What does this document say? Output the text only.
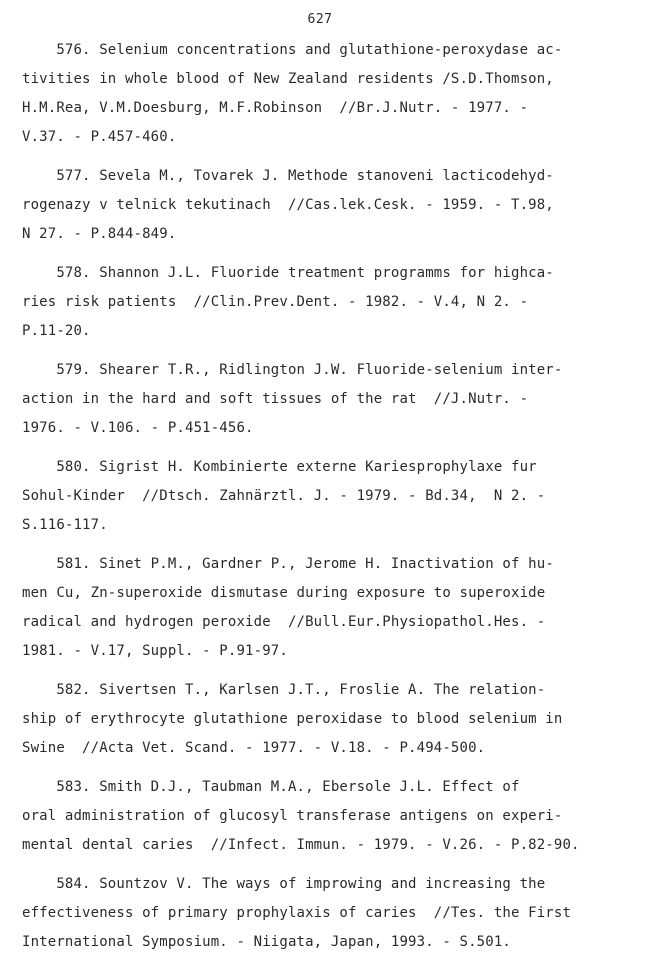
627
576. Selenium concentrations and glutathione-peroxydase ac-
tivities in whole blood of New Zealand residents /S.D.Thomson,
H.M.Rea, V.M.Doesburg, M.F.Robinson  //Br.J.Nutr. - 1977. -
V.37. - P.457-460.
577. Sevela M., Tovarek J. Methode stanoveni lacticodehyd-
rogenazy v telnick tekutinach  //Cas.lek.Cesk. - 1959. - T.98,
N 27. - P.844-849.
578. Shannon J.L. Fluoride treatment programms for highca-
ries risk patients  //Clin.Prev.Dent. - 1982. - V.4, N 2. -
P.11-20.
579. Shearer T.R., Ridlington J.W. Fluoride-selenium inter-
action in the hard and soft tissues of the rat  //J.Nutr. -
1976. - V.106. - P.451-456.
580. Sigrist H. Kombinierte externe Kariesprophylaxe fur
Sohul-Kinder  //Dtsch. Zahnärztl. J. - 1979. - Bd.34,  N 2. -
S.116-117.
581. Sinet P.M., Gardner P., Jerome H. Inactivation of hu-
men Cu, Zn-superoxide dismutase during exposure to superoxide
radical and hydrogen peroxide  //Bull.Eur.Physiopathol.Hes. -
1981. - V.17, Suppl. - P.91-97.
582. Sivertsen T., Karlsen J.T., Froslie A. The relation-
ship of erythrocyte glutathione peroxidase to blood selenium in
Swine  //Acta Vet. Scand. - 1977. - V.18. - P.494-500.
583. Smith D.J., Taubman M.A., Ebersole J.L. Effect of
oral administration of glucosyl transferase antigens on experi-
mental dental caries  //Infect. Immun. - 1979. - V.26. - P.82-90.
584. Sountzov V. The ways of improwing and increasing the
effectiveness of primary prophylaxis of caries  //Tes. the First
International Symposium. - Niigata, Japan, 1993. - S.501.
